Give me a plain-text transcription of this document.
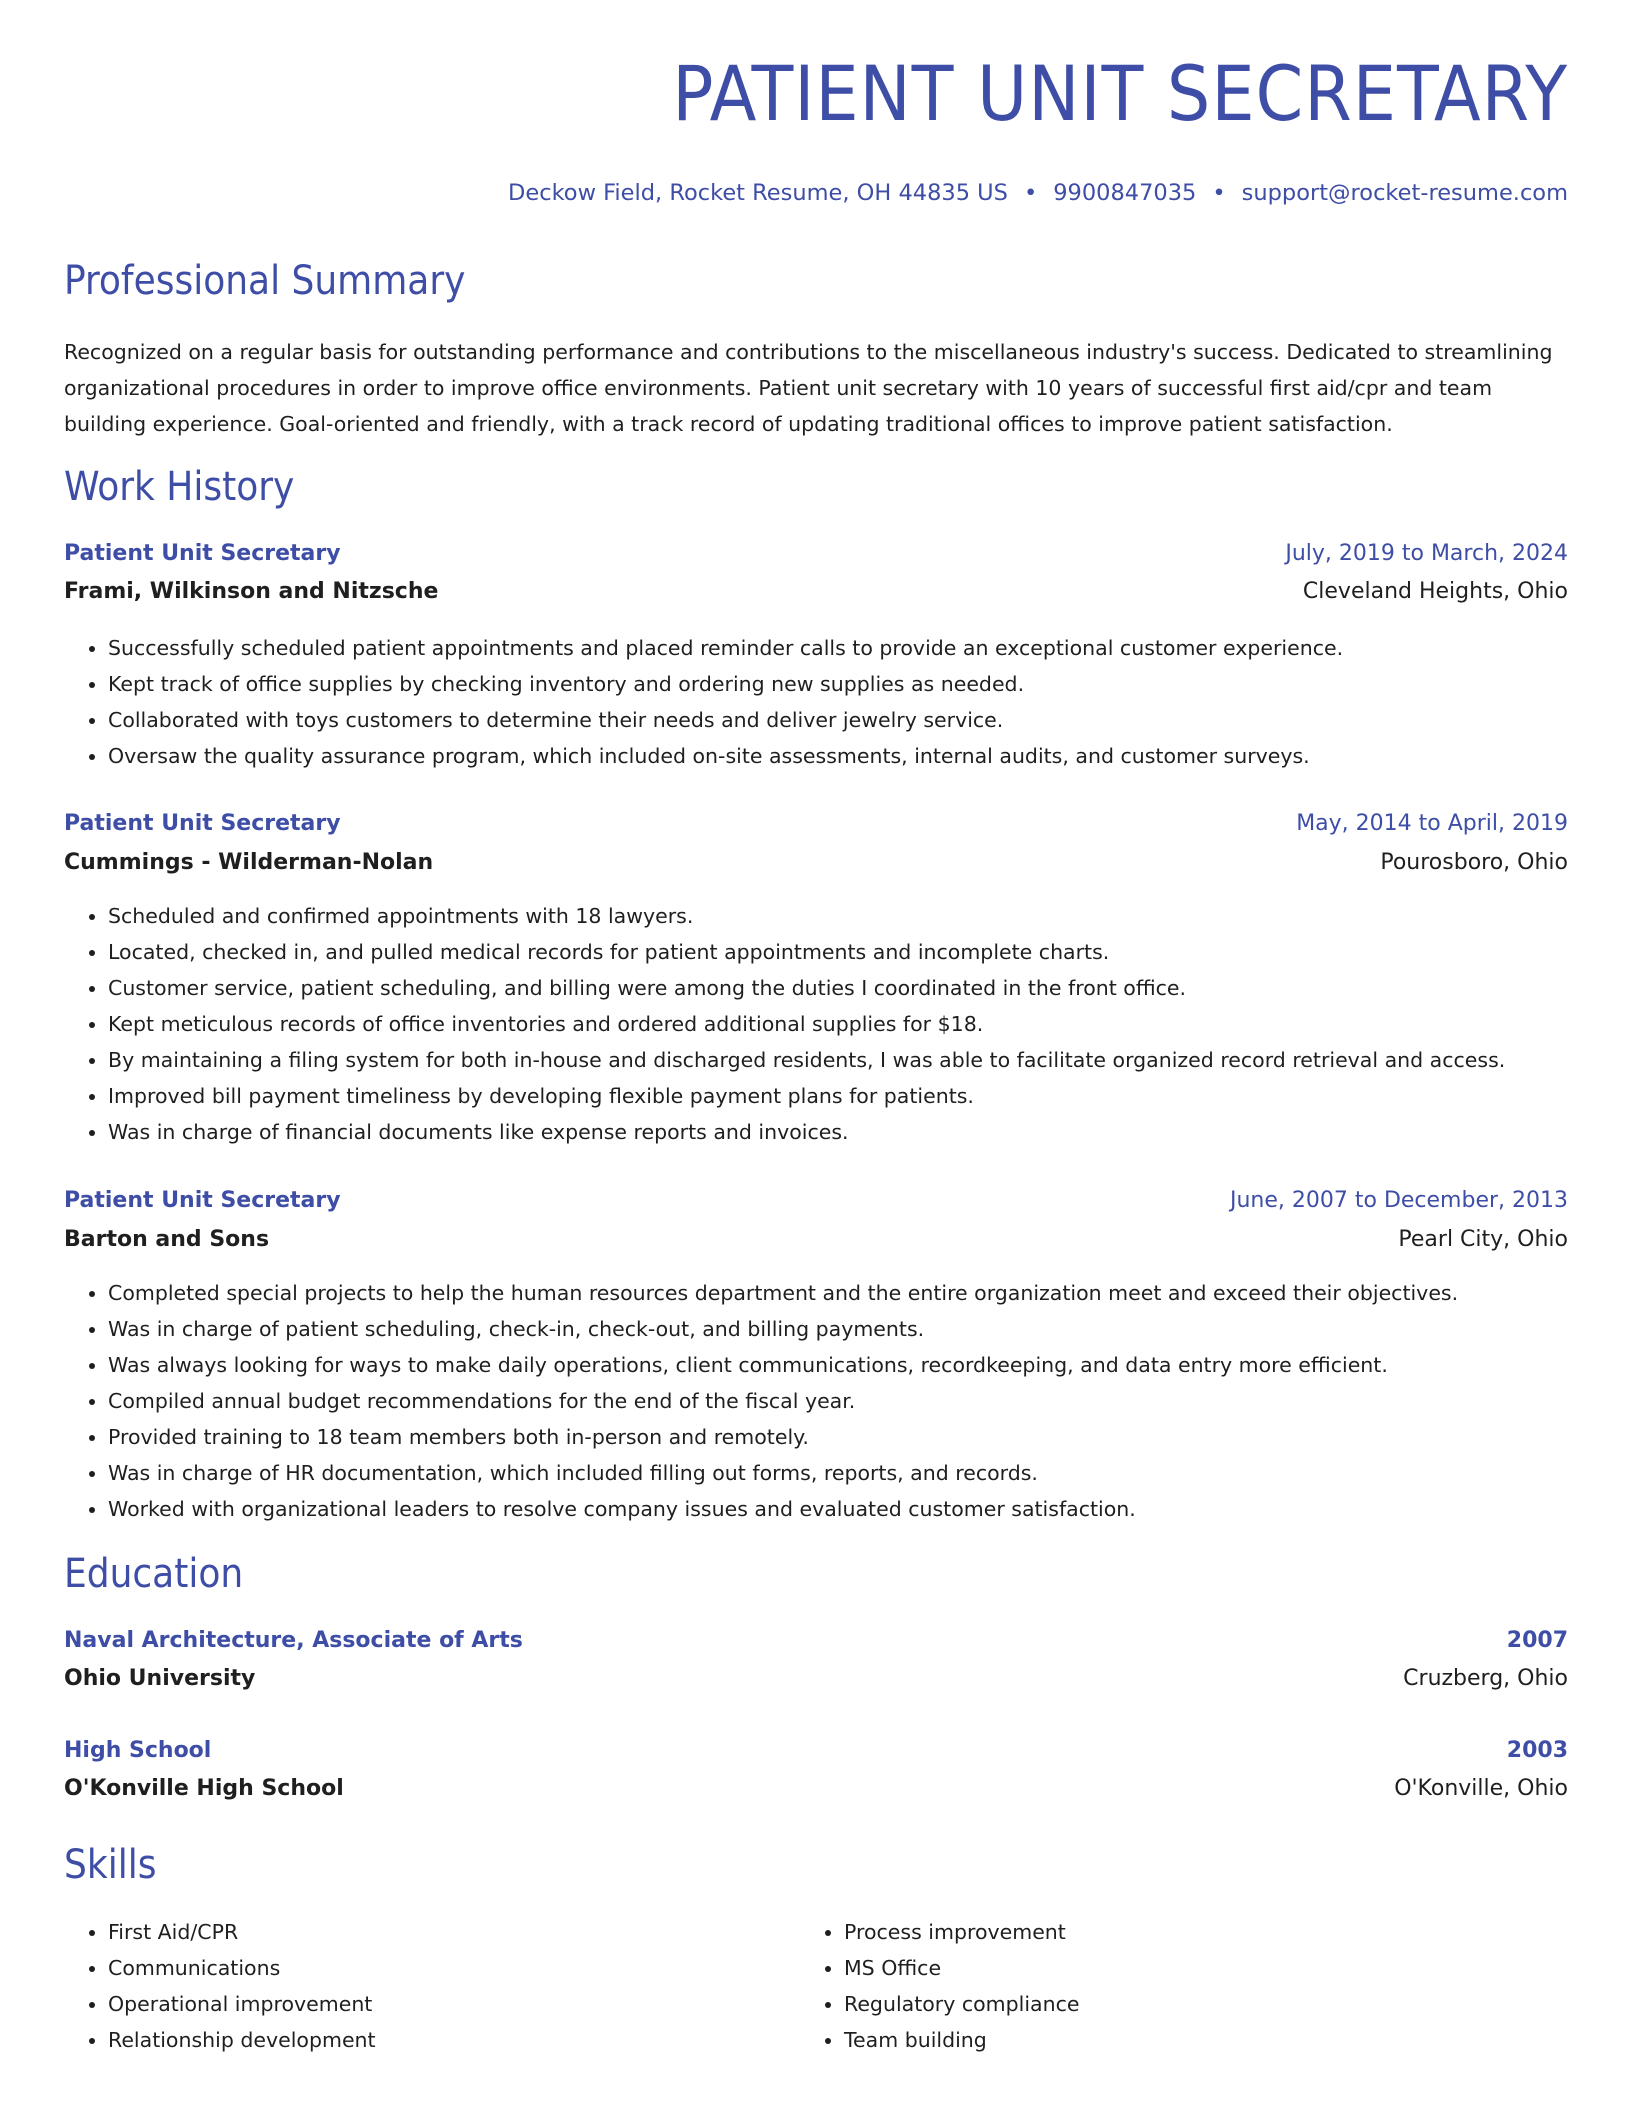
PATIENT UNIT SECRETARY
Deckow Field, Rocket Resume, OH 44835 US • 9900847035 • support@rocket-resume.com
Professional Summary

Recognized on a regular basis for outstanding performance and contributions to the miscellaneous industry's success. Dedicated to streamlining organizational procedures in order to improve office environments. Patient unit secretary with 10 years of successful first aid/cpr and team building experience. Goal-oriented and friendly, with a track record of updating traditional offices to improve patient satisfaction.

Work History
Patient Unit Secretary	July, 2019 to March, 2024
Frami, Wilkinson and Nitzsche	Cleveland Heights, Ohio
• Successfully scheduled patient appointments and placed reminder calls to provide an exceptional customer experience.
• Kept track of office supplies by checking inventory and ordering new supplies as needed.
• Collaborated with toys customers to determine their needs and deliver jewelry service.
• Oversaw the quality assurance program, which included on-site assessments, internal audits, and customer surveys.
Patient Unit Secretary	May, 2014 to April, 2019
Cummings - Wilderman-Nolan	Pourosboro, Ohio
• Scheduled and confirmed appointments with 18 lawyers.
• Located, checked in, and pulled medical records for patient appointments and incomplete charts.
• Customer service, patient scheduling, and billing were among the duties I coordinated in the front office.
• Kept meticulous records of office inventories and ordered additional supplies for $18.
• By maintaining a filing system for both in-house and discharged residents, I was able to facilitate organized record retrieval and access.
• Improved bill payment timeliness by developing flexible payment plans for patients.
• Was in charge of financial documents like expense reports and invoices.
Patient Unit Secretary	June, 2007 to December, 2013
Barton and Sons	Pearl City, Ohio
• Completed special projects to help the human resources department and the entire organization meet and exceed their objectives.
• Was in charge of patient scheduling, check-in, check-out, and billing payments.
• Was always looking for ways to make daily operations, client communications, recordkeeping, and data entry more efficient.
• Compiled annual budget recommendations for the end of the fiscal year.
• Provided training to 18 team members both in-person and remotely.
• Was in charge of HR documentation, which included filling out forms, reports, and records.
• Worked with organizational leaders to resolve company issues and evaluated customer satisfaction.
Education
Naval Architecture, Associate of Arts	2007
Ohio University	Cruzberg, Ohio
High School	2003
O'Konville High School	O'Konville, Ohio
Skills
• First Aid/CPR
• Communications
• Operational improvement
• Relationship development
• Process improvement
• MS Office
• Regulatory compliance
• Team building
